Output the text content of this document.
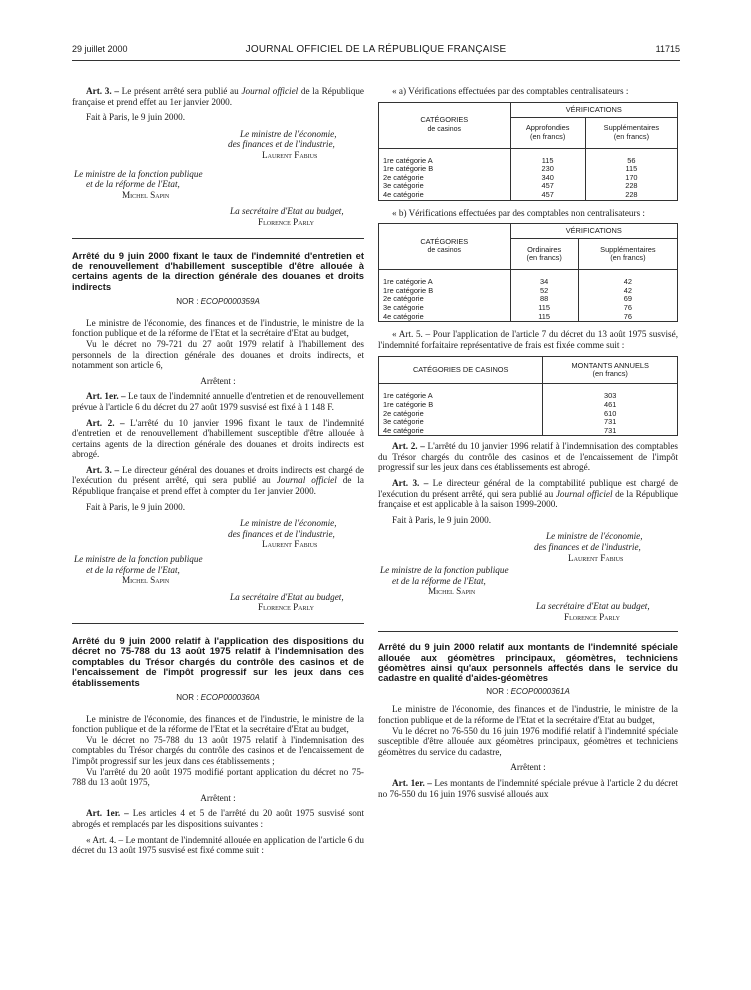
29 juillet 2000	JOURNAL OFFICIEL DE LA RÉPUBLIQUE FRANÇAISE	11715

Art. 3. – Le présent arrêté sera publié au Journal officiel de la République française et prend effet au 1er janvier 2000.

Fait à Paris, le 9 juin 2000.

Le ministre de l'économie,
des finances et de l'industrie,
Laurent Fabius
Le ministre de la fonction publique
et de la réforme de l'Etat,
Michel Sapin
La secrétaire d'Etat au budget,
Florence Parly

Arrêté du 9 juin 2000 fixant le taux de l'indemnité d'entretien et de renouvellement d'habillement susceptible d'être allouée à certains agents de la direction générale des douanes et droits indirects

NOR : ECOP0000359A

Le ministre de l'économie, des finances et de l'industrie, le ministre de la fonction publique et de la réforme de l'Etat et la secrétaire d'Etat au budget,

Vu le décret no 79-721 du 27 août 1979 relatif à l'habillement des personnels de la direction générale des douanes et droits indirects, et notamment son article 6,

Arrêtent :

Art. 1er. – Le taux de l'indemnité annuelle d'entretien et de renouvellement prévue à l'article 6 du décret du 27 août 1979 susvisé est fixé à 1 148 F.

Art. 2. – L'arrêté du 10 janvier 1996 fixant le taux de l'indemnité d'entretien et de renouvellement d'habillement susceptible d'être allouée à certains agents de la direction générale des douanes et droits indirects est abrogé.

Art. 3. – Le directeur général des douanes et droits indirects est chargé de l'exécution du présent arrêté, qui sera publié au Journal officiel de la République française et prend effet à compter du 1er janvier 2000.

Fait à Paris, le 9 juin 2000.

Le ministre de l'économie,
des finances et de l'industrie,
Laurent Fabius
Le ministre de la fonction publique
et de la réforme de l'Etat,
Michel Sapin
La secrétaire d'Etat au budget,
Florence Parly

Arrêté du 9 juin 2000 relatif à l'application des dispositions du décret no 75-788 du 13 août 1975 relatif à l'indemnisation des comptables du Trésor chargés du contrôle des casinos et de l'encaissement de l'impôt progressif sur les jeux dans ces établissements

NOR : ECOP0000360A

Le ministre de l'économie, des finances et de l'industrie, le ministre de la fonction publique et de la réforme de l'Etat et la secrétaire d'Etat au budget,

Vu le décret no 75-788 du 13 août 1975 relatif à l'indemnisation des comptables du Trésor chargés du contrôle des casinos et de l'encaissement de l'impôt progressif sur les jeux dans ces établissements ;

Vu l'arrêté du 20 août 1975 modifié portant application du décret no 75-788 du 13 août 1975,

Arrêtent :

Art. 1er. – Les articles 4 et 5 de l'arrêté du 20 août 1975 susvisé sont abrogés et remplacés par les dispositions suivantes :

« Art. 4. – Le montant de l'indemnité allouée en application de l'article 6 du décret du 13 août 1975 susvisé est fixé comme suit :

« a) Vérifications effectuées par des comptables centralisateurs :

CATÉGORIES
de casinos	VÉRIFICATIONS	
	Approfondies
(en francs)	Supplémentaires
(en francs)
1re catégorie A	115	56
1re catégorie B	230	115
2e catégorie	340	170
3e catégorie	457	228
4e catégorie	457	228

« b) Vérifications effectuées par des comptables non centralisateurs :

CATÉGORIES
de casinos	VÉRIFICATIONS	
	Ordinaires
(en francs)	Supplémentaires
(en francs)
1re catégorie A	34	42
1re catégorie B	52	42
2e catégorie	88	69
3e catégorie	115	76
4e catégorie	115	76

« Art. 5. – Pour l'application de l'article 7 du décret du 13 août 1975 susvisé, l'indemnité forfaitaire représentative de frais est fixée comme suit :

CATÉGORIES DE CASINOS	MONTANTS ANNUELS
(en francs)
1re catégorie A	303
1re catégorie B	461
2e catégorie	610
3e catégorie	731
4e catégorie	731

Art. 2. – L'arrêté du 10 janvier 1996 relatif à l'indemnisation des comptables du Trésor chargés du contrôle des casinos et de l'encaissement de l'impôt progressif sur les jeux dans ces établissements est abrogé.

Art. 3. – Le directeur général de la comptabilité publique est chargé de l'exécution du présent arrêté, qui sera publié au Journal officiel de la République française et est applicable à la saison 1999-2000.

Fait à Paris, le 9 juin 2000.

Le ministre de l'économie,
des finances et de l'industrie,
Laurent Fabius
Le ministre de la fonction publique
et de la réforme de l'Etat,
Michel Sapin
La secrétaire d'Etat au budget,
Florence Parly

Arrêté du 9 juin 2000 relatif aux montants de l'indemnité spéciale allouée aux géomètres principaux, géomètres, techniciens géomètres ainsi qu'aux personnels affectés dans le service du cadastre en qualité d'aides-géomètres

NOR : ECOP0000361A

Le ministre de l'économie, des finances et de l'industrie, le ministre de la fonction publique et de la réforme de l'Etat et la secrétaire d'Etat au budget,

Vu le décret no 76-550 du 16 juin 1976 modifié relatif à l'indemnité spéciale susceptible d'être allouée aux géomètres principaux, géomètres et techniciens géomètres du service du cadastre,

Arrêtent :

Art. 1er. – Les montants de l'indemnité spéciale prévue à l'article 2 du décret no 76-550 du 16 juin 1976 susvisé alloués aux
